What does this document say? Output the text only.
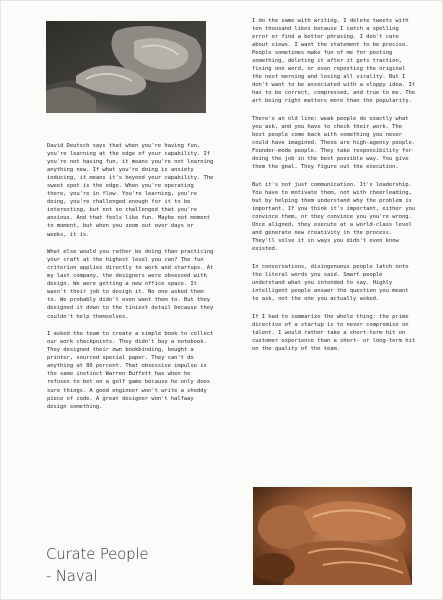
David Deutsch says that when you're having fun, you're learning at the edge of your capability. If you're not having fun, it means you're not learning anything new. If what you're doing is anxiety inducing, it means it's beyond your capability. The sweet spot is the edge. When you're operating there, you're in flow. You're learning, you're doing, you're challenged enough for it to be interesting, but not so challenged that you're anxious. And that feels like fun. Maybe not moment to moment, but when you zoom out over days or weeks, it is.

What else would you rather be doing than practicing your craft at the highest level you can? The fun criterion applies directly to work and startups. At my last company, the designers were obsessed with design. We were getting a new office space. It wasn't their job to design it. No one asked them to. We probably didn't even want them to. But they designed it down to the tiniest detail because they couldn't help themselves.

I asked the team to create a simple book to collect our work checkpoints. They didn't buy a notebook. They designed their own bookbinding, bought a printer, sourced special paper. They can't do anything at 80 percent. That obsessive impulse is the same instinct Warren Buffett has when he refuses to bet on a golf game because he only does sure things. A good engineer won't write a shoddy piece of code. A great designer won't halfway design something.

I do the same with writing. I delete tweets with ten thousand likes because I catch a spelling error or find a better phrasing. I don't care about views. I want the statement to be precise. People sometimes make fun of me for posting something, deleting it after it gets traction, fixing one word, or even reposting the original the next morning and losing all virality. But I don't want to be associated with a sloppy idea. It has to be correct, compressed, and true to me. The art being right matters more than the popularity.

There's an old line: weak people do exactly what you ask, and you have to check their work. The best people come back with something you never could have imagined. These are high-agency people. Founder-mode people. They take responsibility for doing the job in the best possible way. You give them the goal. They figure out the execution.

But it's not just communication. It's leadership. You have to motivate them, not with cheerleading, but by helping them understand why the problem is important. If you think it's important, either you convince them, or they convince you you're wrong. Once aligned, they execute at a world-class level and generate new creativity in the process. They'll solve it in ways you didn't even know existed.

In conversations, disingenuous people latch onto the literal words you said. Smart people understand what you intended to say. Highly intelligent people answer the question you meant to ask, not the one you actually asked.

If I had to summarize the whole thing: the prime directive of a startup is to never compromise on talent. I would rather take a short-term hit on customer experience than a short- or long-term hit on the quality of the team.

Curate People
- Naval
